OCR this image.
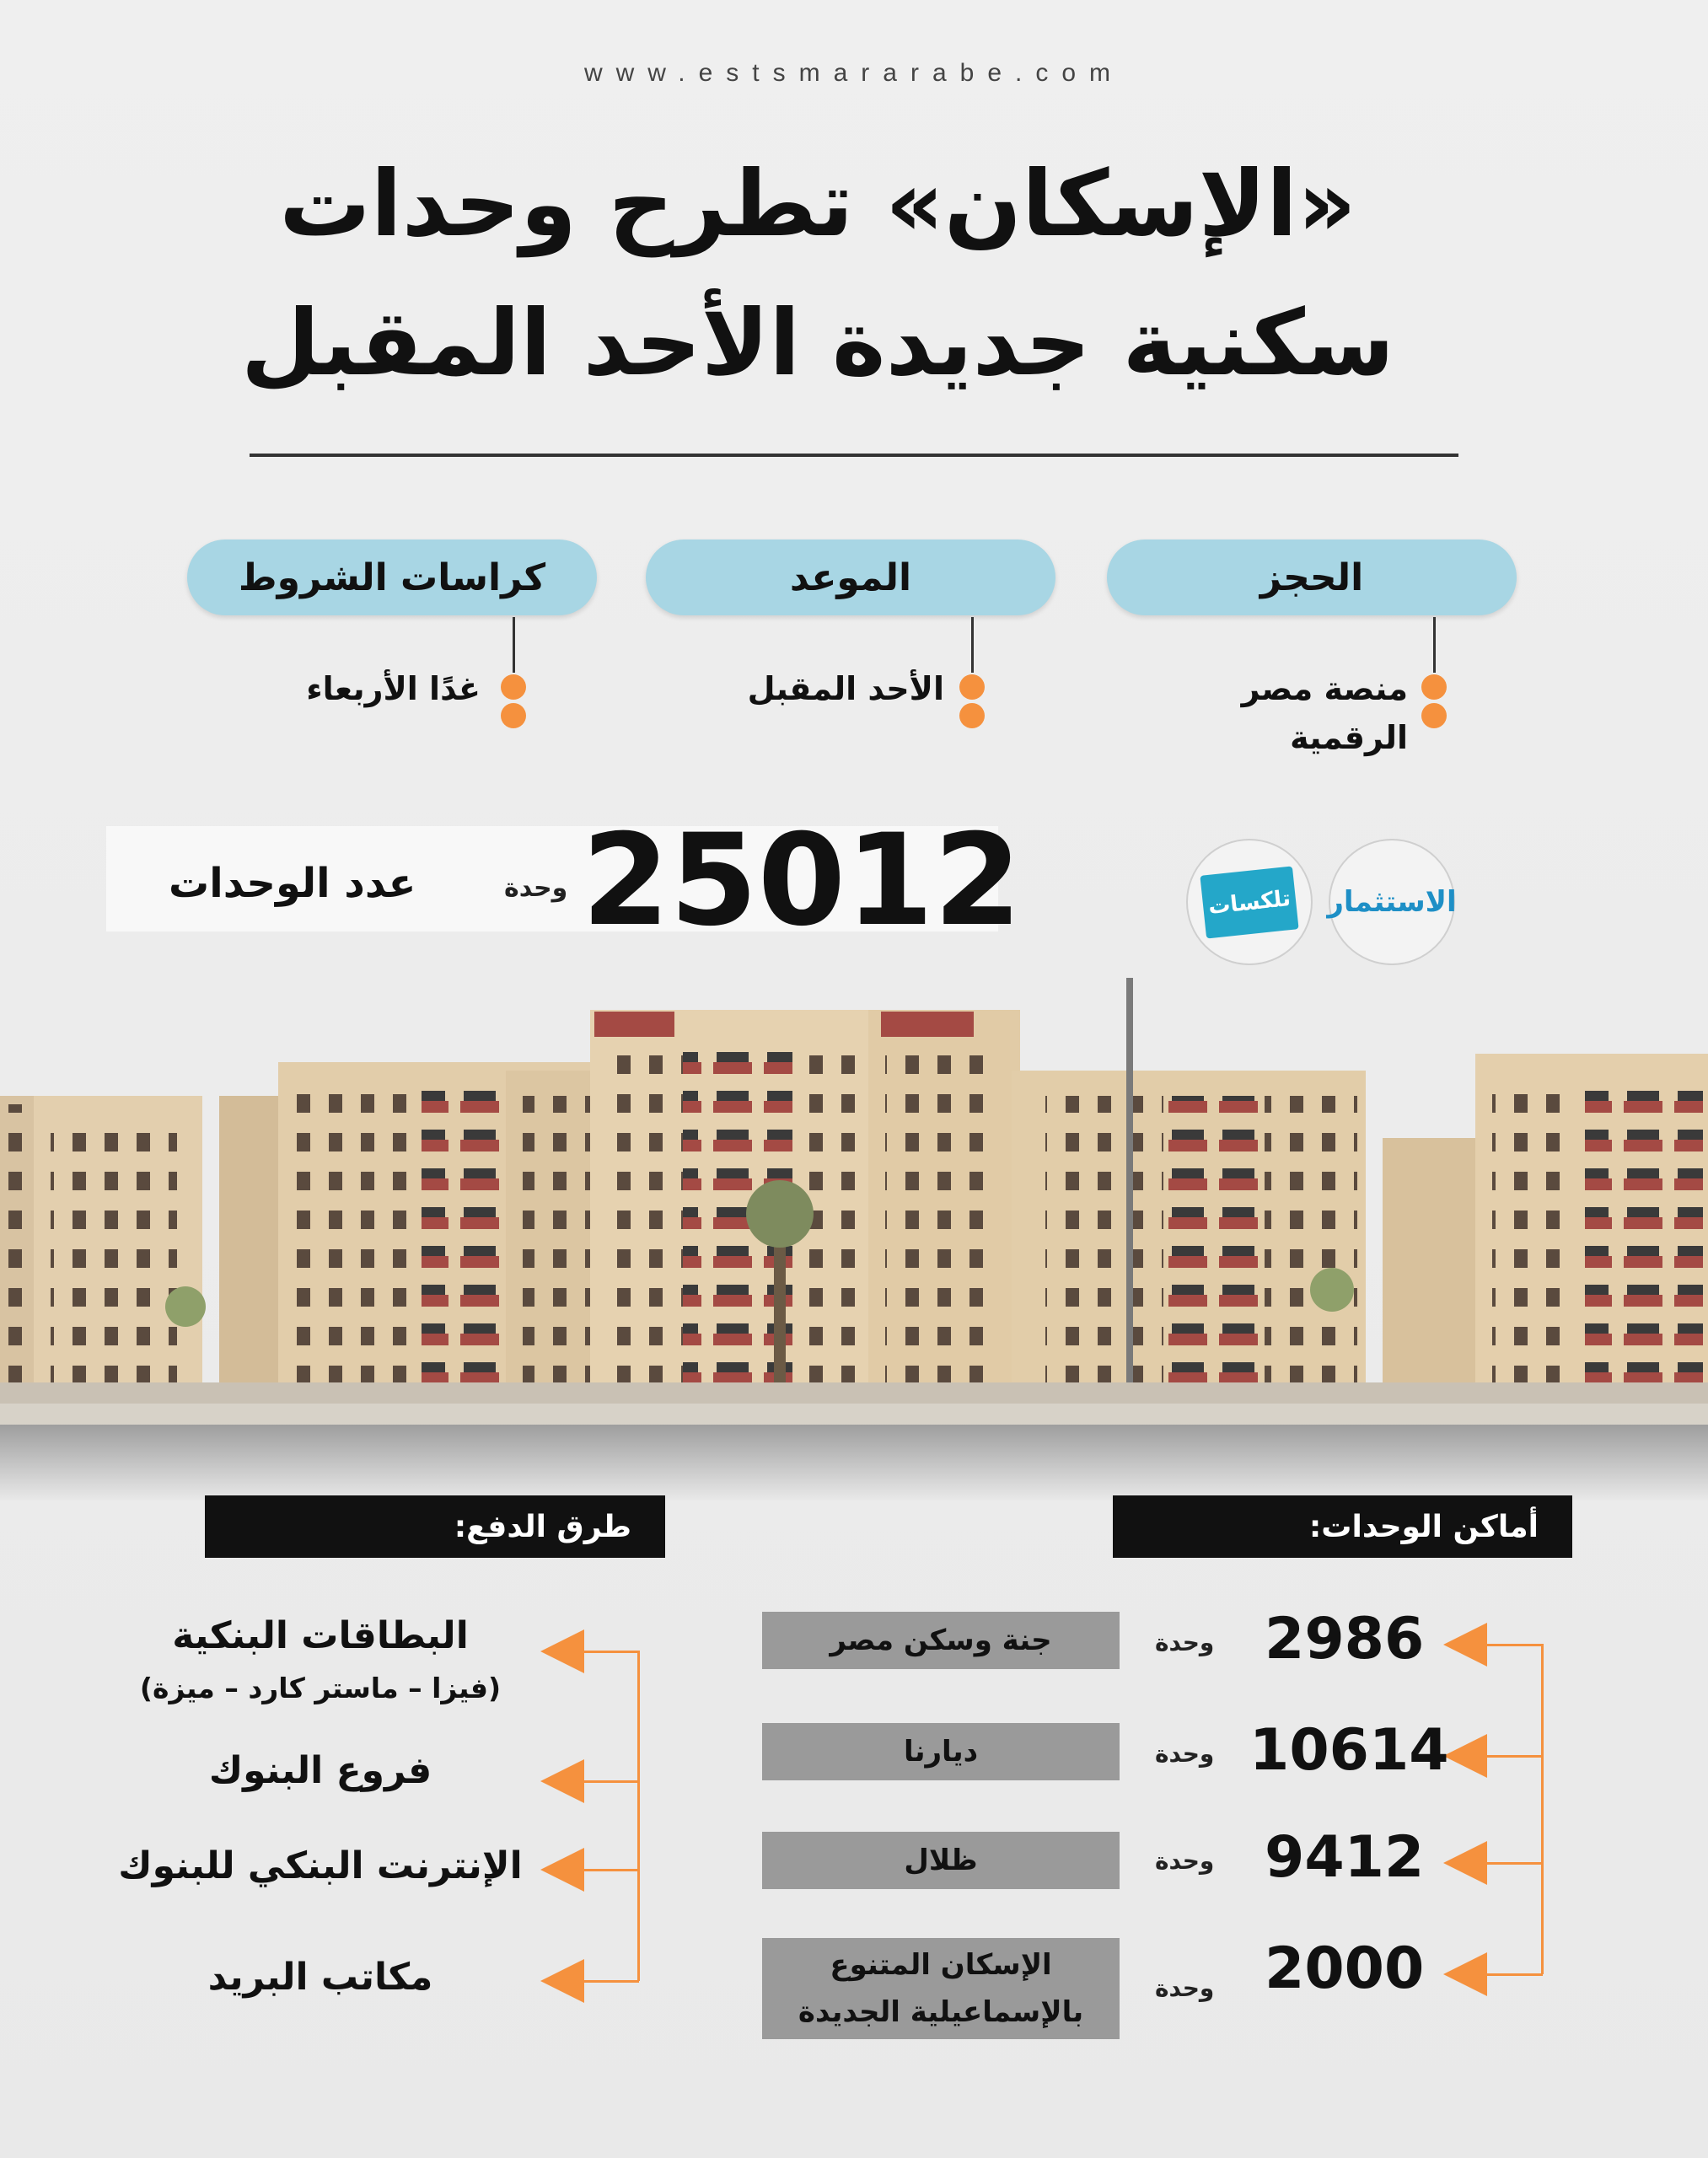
www.estsmararabe.com
«الإسكان» تطرح وحدات
سكنية جديدة الأحد المقبل
الحجز
الموعد
كراسات الشروط
منصة مصر الرقمية
الأحد المقبل
غدًا الأربعاء
25012
وحدة
عدد الوحدات	الاستثمار
تلكسات
أماكن الوحدات:
طرق الدفع:
2986
وحدة
جنة وسكن مصر
10614
وحدة
ديارنا
9412
وحدة
ظلال
2000
وحدة
الإسكان المتنوع
بالإسماعيلية الجديدة
البطاقات البنكية
(فيزا – ماستر كارد – ميزة)
فروع البنوك
الإنترنت البنكي للبنوك
مكاتب البريد
